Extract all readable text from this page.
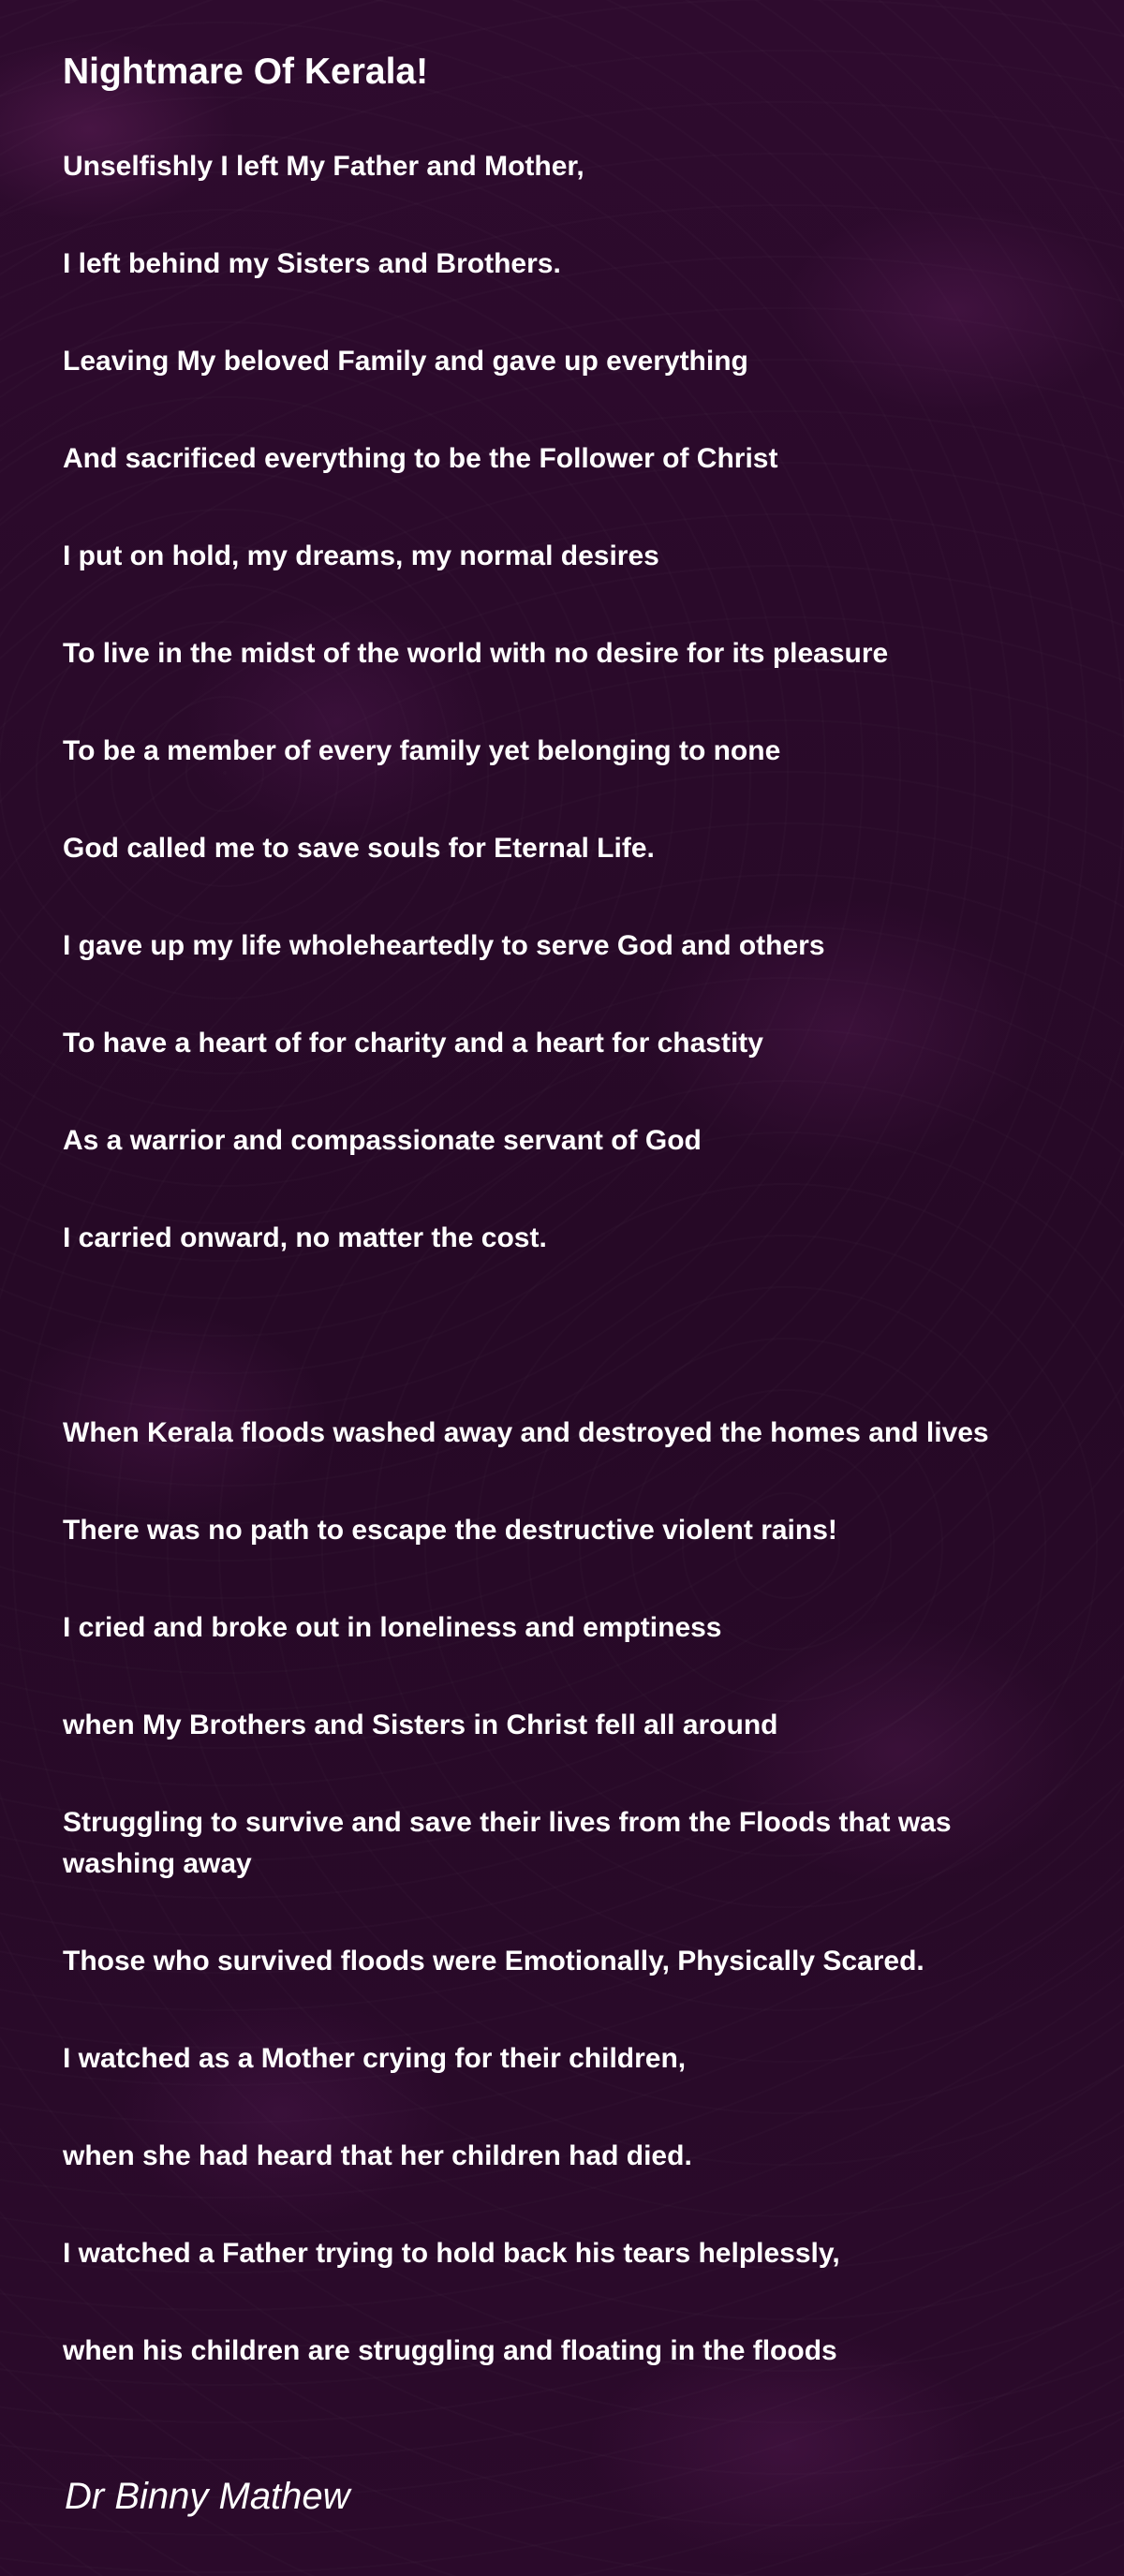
Nightmare Of Kerala!

Unselfishly I left My Father and Mother,

I left behind my Sisters and Brothers.

Leaving My beloved Family and gave up everything

And sacrificed everything to be the Follower of Christ

I put on hold, my dreams, my normal desires

To live in the midst of the world with no desire for its pleasure

To be a member of every family yet belonging to none

God called me to save souls for Eternal Life.

I gave up my life wholeheartedly to serve God and others

To have a heart of for charity and a heart for chastity

As a warrior and compassionate servant of God

I carried onward, no matter the cost.

When Kerala floods washed away and destroyed the homes and lives

There was no path to escape the destructive violent rains!

I cried and broke out in loneliness and emptiness

when My Brothers and Sisters in Christ fell all around

Struggling to survive and save their lives from the Floods that was washing away

Those who survived floods were Emotionally, Physically Scared.

I watched as a Mother crying for their children,

when she had heard that her children had died.

I watched a Father trying to hold back his tears helplessly,

when his children are struggling and floating in the floods

Dr Binny Mathew
